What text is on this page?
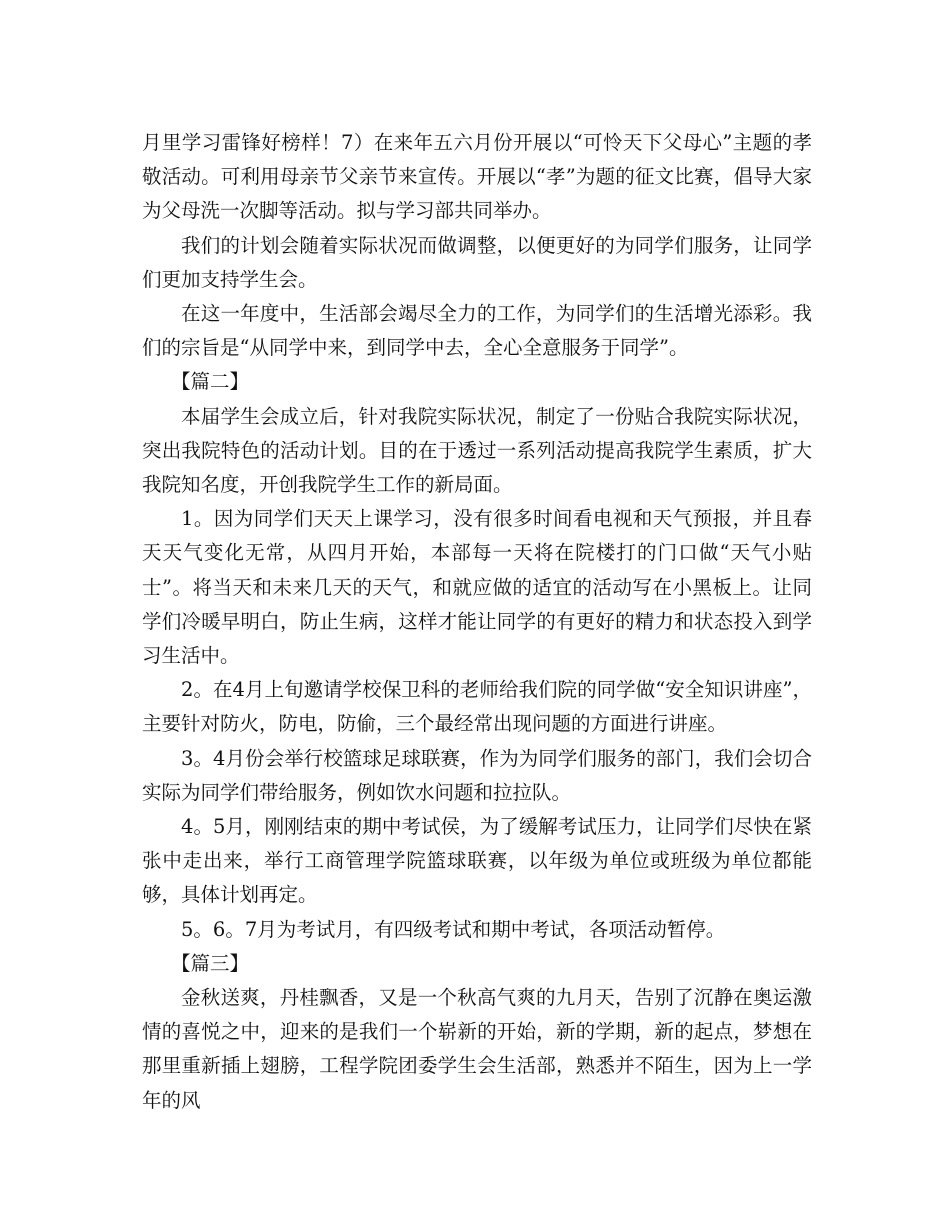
月里学习雷锋好榜样！7）在来年五六月份开展以“可怜天下父母心”主题的孝敬活动。可利用母亲节父亲节来宣传。开展以“孝”为题的征文比赛，倡导大家为父母洗一次脚等活动。拟与学习部共同举办。

我们的计划会随着实际状况而做调整，以便更好的为同学们服务，让同学们更加支持学生会。

在这一年度中，生活部会竭尽全力的工作，为同学们的生活增光添彩。我们的宗旨是“从同学中来，到同学中去，全心全意服务于同学”。

【篇二】

本届学生会成立后，针对我院实际状况，制定了一份贴合我院实际状况，突出我院特色的活动计划。目的在于透过一系列活动提高我院学生素质，扩大我院知名度，开创我院学生工作的新局面。

1。因为同学们天天上课学习，没有很多时间看电视和天气预报，并且春天天气变化无常，从四月开始，本部每一天将在院楼打的门口做“天气小贴士”。将当天和未来几天的天气，和就应做的适宜的活动写在小黑板上。让同学们冷暖早明白，防止生病，这样才能让同学的有更好的精力和状态投入到学习生活中。

2。在4月上旬邀请学校保卫科的老师给我们院的同学做“安全知识讲座”，主要针对防火，防电，防偷，三个最经常出现问题的方面进行讲座。

3。4月份会举行校篮球足球联赛，作为为同学们服务的部门，我们会切合实际为同学们带给服务，例如饮水问题和拉拉队。

4。5月，刚刚结束的期中考试侯，为了缓解考试压力，让同学们尽快在紧张中走出来，举行工商管理学院篮球联赛，以年级为单位或班级为单位都能够，具体计划再定。

5。6。7月为考试月，有四级考试和期中考试，各项活动暂停。

【篇三】

金秋送爽，丹桂飘香，又是一个秋高气爽的九月天，告别了沉静在奥运激情的喜悦之中，迎来的是我们一个崭新的开始，新的学期，新的起点，梦想在那里重新插上翅膀，工程学院团委学生会生活部，熟悉并不陌生，因为上一学年的风
